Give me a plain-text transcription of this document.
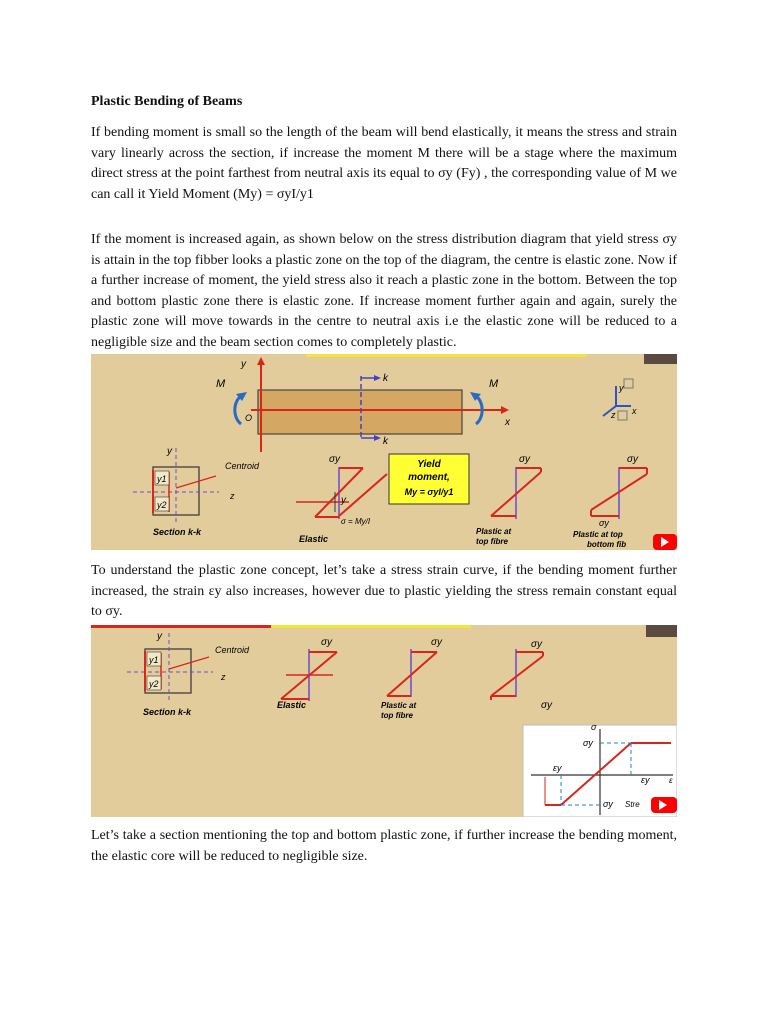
Plastic Bending of Beams

If bending moment is small so the length of the beam will bend elastically, it means the stress and strain vary linearly across the section, if increase the moment M there will be a stage where the maximum direct stress at the point farthest from neutral axis its equal to σy (Fy) , the corresponding value of M we can call it Yield Moment (My) = σyI/y1

If the moment is increased again, as shown below on the stress distribution diagram that yield stress σy is attain in the top fibber looks a plastic zone on the top of the diagram, the centre is elastic zone. Now if a further increase of moment, the yield stress also it reach a plastic zone in the bottom. Between the top and bottom plastic zone there is elastic zone. If increase moment further again and again, surely the plastic zone will move towards in the centre to neutral axis i.e the elastic zone will be reduced to a negligible size and the beam section comes to completely plastic.

y
x
O
M	M
k
k
y
z x
y1
y2
y
z
Centroid
Section k-k
σy
y
σ = My/I
Elastic
Yield
moment,
My = σyI/y1
σy
Plastic at
top fibre
σy
σy
Plastic at top
bottom fib

To understand the plastic zone concept, let’s take a stress strain curve, if the bending moment further increased, the strain εy also increases, however due to plastic yielding the stress remain constant equal to σy.

y1
y2
y
z
Centroid
Section k-k
σy
Elastic
σy
Plastic at
top fibre
σy
σy
σ
σy
εy
εy ε
σy Stre

Let’s take a section mentioning the top and bottom plastic zone, if further increase the bending moment, the elastic core will be reduced to negligible size.
